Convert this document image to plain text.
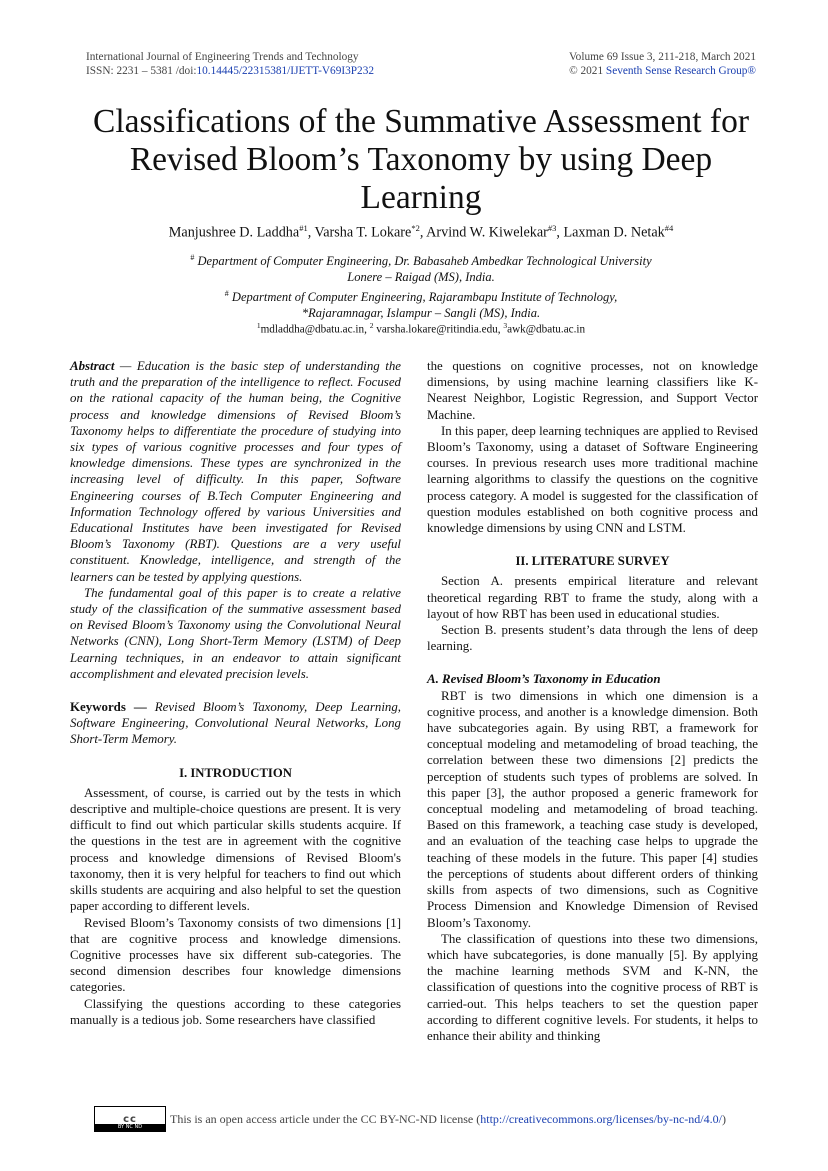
International Journal of Engineering Trends and Technology
ISSN: 2231 – 5381 /doi:10.14445/22315381/IJETT-V69I3P232
Volume 69 Issue 3, 211-218, March 2021
© 2021 Seventh Sense Research Group®
Classifications of the Summative Assessment for Revised Bloom’s Taxonomy by using Deep Learning
Manjushree D. Laddha$^{\#1}$, Varsha T. Lokare$^{*2}$, Arvind W. Kiwelekar$^{\#3}$, Laxman D. Netak$^{\#4}$
# Department of Computer Engineering, Dr. Babasaheb Ambedkar Technological University
Lonere – Raigad (MS), India.
# Department of Computer Engineering, Rajarambapu Institute of Technology,
*Rajaramnagar, Islampur – Sangli (MS), India.
$^1$mdladdha@dbatu.ac.in, $^2$ varsha.lokare@ritindia.edu, $^3$awk@dbatu.ac.in

Abstract — Education is the basic step of understanding the truth and the preparation of the intelligence to reflect. Focused on the rational capacity of the human being, the Cognitive process and knowledge dimensions of Revised Bloom’s Taxonomy helps to differentiate the procedure of studying into six types of various cognitive processes and four types of knowledge dimensions. These types are synchronized in the increasing level of difficulty. In this paper, Software Engineering courses of B.Tech Computer Engineering and Information Technology offered by various Universities and Educational Institutes have been investigated for Revised Bloom’s Taxonomy (RBT). Questions are a very useful constituent. Knowledge, intelligence, and strength of the learners can be tested by applying questions.

The fundamental goal of this paper is to create a relative study of the classification of the summative assessment based on Revised Bloom’s Taxonomy using the Convolutional Neural Networks (CNN), Long Short-Term Memory (LSTM) of Deep Learning techniques, in an endeavor to attain significant accomplishment and elevated precision levels.

Keywords — Revised Bloom’s Taxonomy, Deep Learning, Software Engineering, Convolutional Neural Networks, Long Short-Term Memory.

I. INTRODUCTION

Assessment, of course, is carried out by the tests in which descriptive and multiple-choice questions are present. It is very difficult to find out which particular skills students acquire. If the questions in the test are in agreement with the cognitive process and knowledge dimensions of Revised Bloom's taxonomy, then it is very helpful for teachers to find out which skills students are acquiring and also helpful to set the question paper according to different levels.

Revised Bloom’s Taxonomy consists of two dimensions [1] that are cognitive process and knowledge dimensions. Cognitive processes have six different sub-categories. The second dimension describes four knowledge dimensions categories.

Classifying the questions according to these categories manually is a tedious job. Some researchers have classified

the questions on cognitive processes, not on knowledge dimensions, by using machine learning classifiers like K-Nearest Neighbor, Logistic Regression, and Support Vector Machine.

In this paper, deep learning techniques are applied to Revised Bloom’s Taxonomy, using a dataset of Software Engineering courses. In previous research uses more traditional machine learning algorithms to classify the questions on the cognitive process category. A model is suggested for the classification of question modules established on both cognitive process and knowledge dimensions by using CNN and LSTM.

II. LITERATURE SURVEY

Section A. presents empirical literature and relevant theoretical regarding RBT to frame the study, along with a layout of how RBT has been used in educational studies.

Section B. presents student’s data through the lens of deep learning.

A. Revised Bloom’s Taxonomy in Education

RBT is two dimensions in which one dimension is a cognitive process, and another is a knowledge dimension. Both have subcategories again. By using RBT, a framework for conceptual modeling and metamodeling of broad teaching, the correlation between these two dimensions [2] predicts the perception of students such types of problems are solved. In this paper [3], the author proposed a generic framework for conceptual modeling and metamodeling of broad teaching. Based on this framework, a teaching case study is developed, and an evaluation of the teaching case helps to upgrade the teaching of these models in the future. This paper [4] studies the perceptions of students about different orders of thinking skills from aspects of two dimensions, such as Cognitive Process Dimension and Knowledge Dimension of Revised Bloom’s Taxonomy.

The classification of questions into these two dimensions, which have subcategories, is done manually [5]. By applying the machine learning methods SVM and K-NN, the classification of questions into the cognitive process of RBT is carried-out. This helps teachers to set the question paper according to different cognitive levels. For students, it helps to enhance their ability and thinking

cc
BY NC ND
This is an open access article under the CC BY-NC-ND license ( http://creativecommons.org/licenses/by-nc-nd/4.0/ )
